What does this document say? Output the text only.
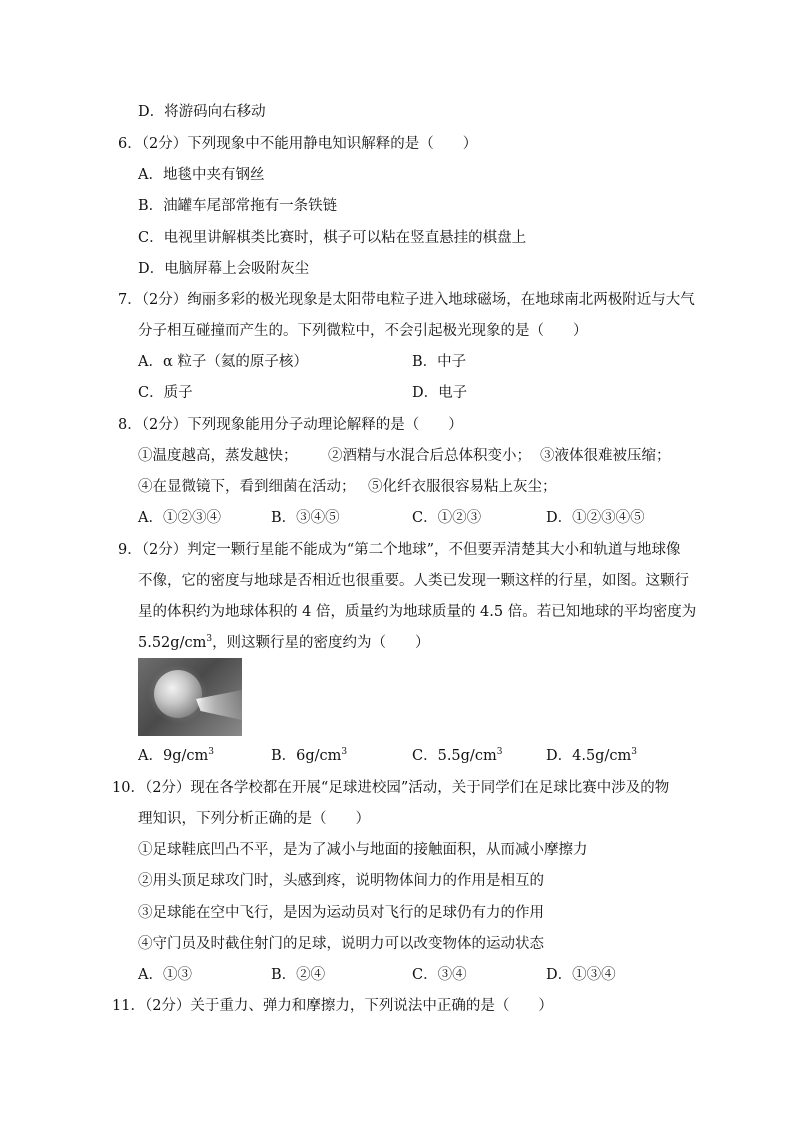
D．将游码向右移动
6．（2分）下列现象中不能用静电知识解释的是（　　）
A．地毯中夹有钢丝
B．油罐车尾部常拖有一条铁链
C．电视里讲解棋类比赛时，棋子可以粘在竖直悬挂的棋盘上
D．电脑屏幕上会吸附灰尘
7．（2分）绚丽多彩的极光现象是太阳带电粒子进入地球磁场，在地球南北两极附近与大气
分子相互碰撞而产生的。下列微粒中，不会引起极光现象的是（　　）
A．α 粒子（氦的原子核）	B．中子
C．质子	D．电子
8．（2分）下列现象能用分子动理论解释的是（　　）
①温度越高，蒸发越快； ②酒精与水混合后总体积变小； ③液体很难被压缩；
④在显微镜下，看到细菌在活动； ⑤化纤衣服很容易粘上灰尘；
A．①②③④	B．③④⑤	C．①②③	D．①②③④⑤
9．（2分）判定一颗行星能不能成为“第二个地球”，不但要弄清楚其大小和轨道与地球像
不像，它的密度与地球是否相近也很重要。人类已发现一颗这样的行星，如图。这颗行
星的体积约为地球体积的 4 倍，质量约为地球质量的 4.5 倍。若已知地球的平均密度为
$5.52g/cm^3$，则这颗行星的密度约为（　　）
A．$9g/cm^3$	B．$6g/cm^3$	C．$5.5g/cm^3$	D．$4.5g/cm^3$
10．（2分）现在各学校都在开展“足球进校园”活动，关于同学们在足球比赛中涉及的物
理知识，下列分析正确的是（　　）
①足球鞋底凹凸不平，是为了减小与地面的接触面积，从而减小摩擦力
②用头顶足球攻门时，头感到疼，说明物体间力的作用是相互的
③足球能在空中飞行，是因为运动员对飞行的足球仍有力的作用
④守门员及时截住射门的足球，说明力可以改变物体的运动状态
A．①③	B．②④	C．③④	D．①③④
11．（2分）关于重力、弹力和摩擦力，下列说法中正确的是（　　）
